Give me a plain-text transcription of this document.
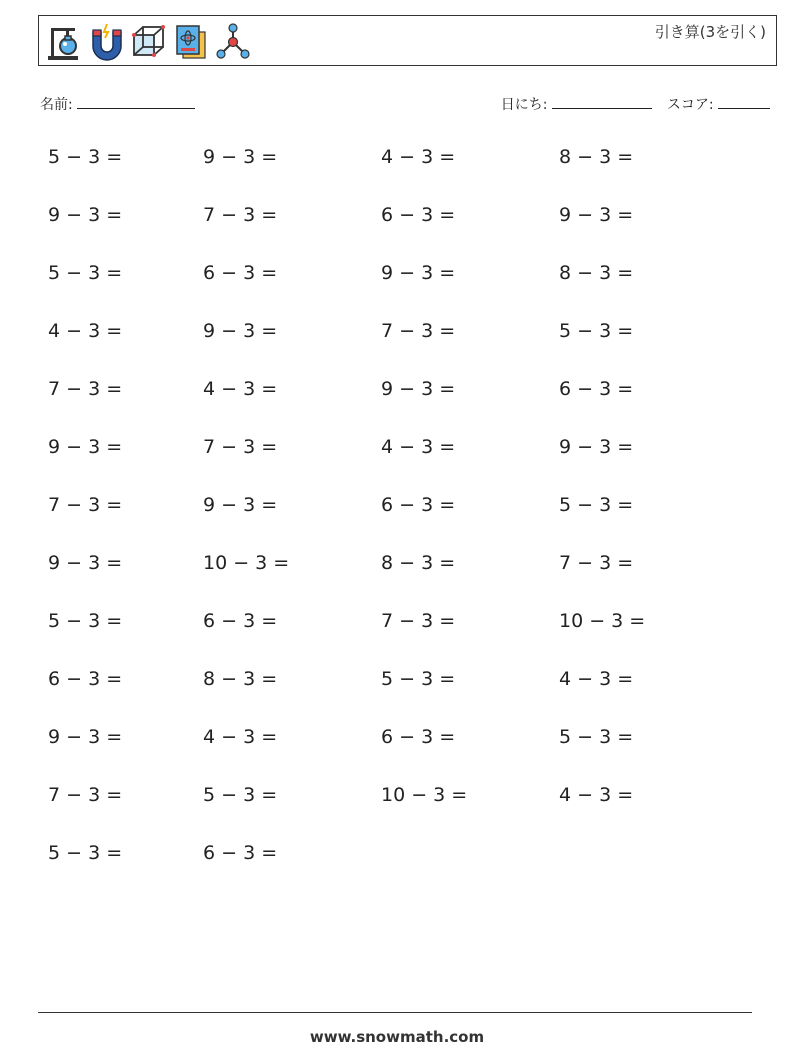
引き算(3を引く)
名前:	日にち:	スコア:
5 − 3 =	9 − 3 =	4 − 3 =	8 − 3 =
9 − 3 =	7 − 3 =	6 − 3 =	9 − 3 =
5 − 3 =	6 − 3 =	9 − 3 =	8 − 3 =
4 − 3 =	9 − 3 =	7 − 3 =	5 − 3 =
7 − 3 =	4 − 3 =	9 − 3 =	6 − 3 =
9 − 3 =	7 − 3 =	4 − 3 =	9 − 3 =
7 − 3 =	9 − 3 =	6 − 3 =	5 − 3 =
9 − 3 =	10 − 3 =	8 − 3 =	7 − 3 =
5 − 3 =	6 − 3 =	7 − 3 =	10 − 3 =
6 − 3 =	8 − 3 =	5 − 3 =	4 − 3 =
9 − 3 =	4 − 3 =	6 − 3 =	5 − 3 =
7 − 3 =	5 − 3 =	10 − 3 =	4 − 3 =
5 − 3 =	6 − 3 =
www.snowmath.com
